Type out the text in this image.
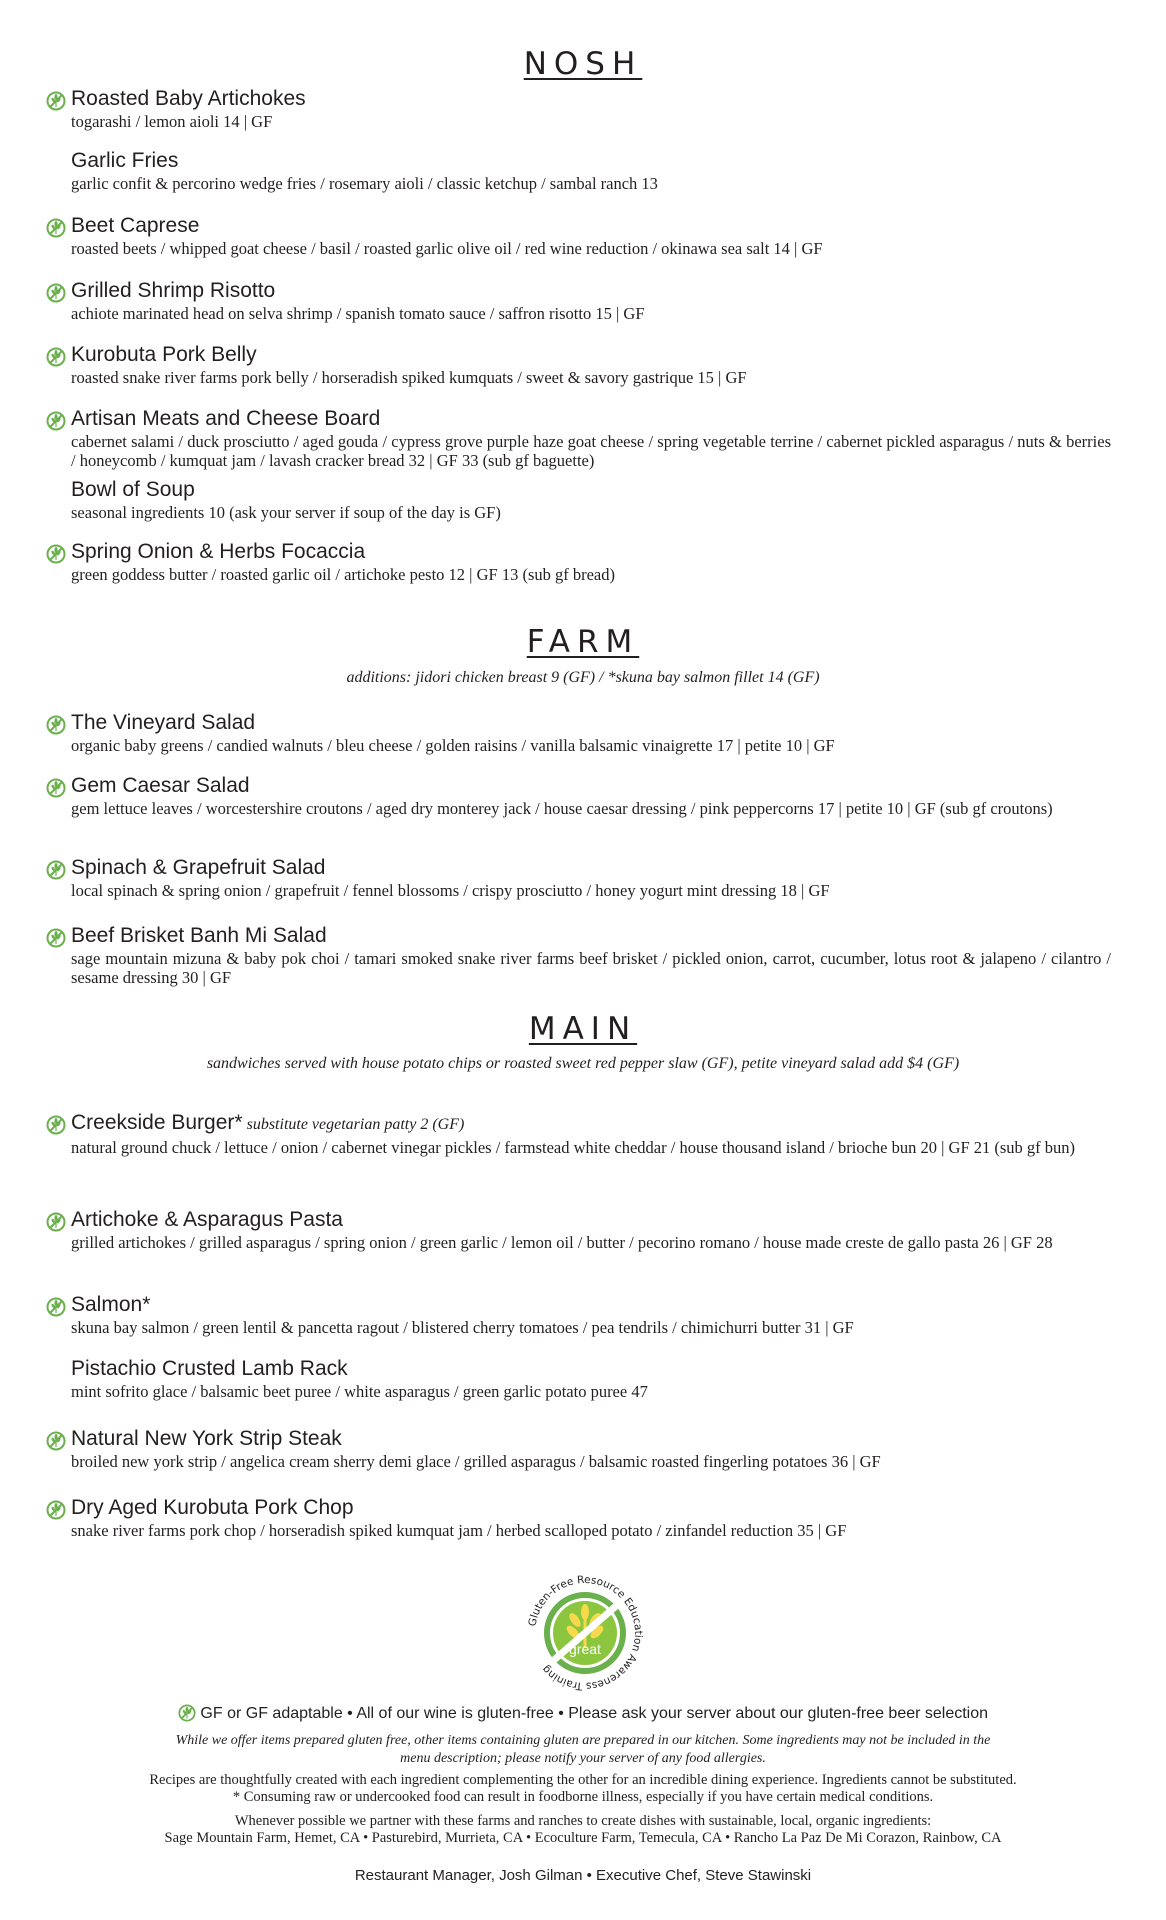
NOSH
Roasted Baby Artichokes
togarashi / lemon aioli 14 | GF
Garlic Fries
garlic confit & percorino wedge fries / rosemary aioli / classic ketchup / sambal ranch 13
Beet Caprese
roasted beets / whipped goat cheese / basil / roasted garlic olive oil / red wine reduction / okinawa sea salt 14 | GF
Grilled Shrimp Risotto
achiote marinated head on selva shrimp / spanish tomato sauce / saffron risotto 15 | GF
Kurobuta Pork Belly
roasted snake river farms pork belly / horseradish spiked kumquats / sweet & savory gastrique 15 | GF
Artisan Meats and Cheese Board
cabernet salami / duck prosciutto / aged gouda / cypress grove purple haze goat cheese / spring vegetable terrine / cabernet pickled asparagus / nuts & berries / honeycomb / kumquat jam / lavash cracker bread 32 | GF 33 (sub gf baguette)
Bowl of Soup
seasonal ingredients 10 (ask your server if soup of the day is GF)
Spring Onion & Herbs Focaccia
green goddess butter / roasted garlic oil / artichoke pesto 12 | GF 13 (sub gf bread)
FARM
additions: jidori chicken breast 9 (GF) / *skuna bay salmon fillet 14 (GF)
The Vineyard Salad
organic baby greens / candied walnuts / bleu cheese / golden raisins / vanilla balsamic vinaigrette 17 | petite 10 | GF
Gem Caesar Salad
gem lettuce leaves / worcestershire croutons / aged dry monterey jack / house caesar dressing / pink peppercorns 17 | petite 10 | GF (sub gf croutons)
Spinach & Grapefruit Salad
local spinach & spring onion / grapefruit / fennel blossoms / crispy prosciutto / honey yogurt mint dressing 18 | GF
Beef Brisket Banh Mi Salad
sage mountain mizuna & baby pok choi / tamari smoked snake river farms beef brisket / pickled onion, carrot, cucumber, lotus root & jalapeno / cilantro / sesame dressing 30 | GF
MAIN
sandwiches served with house potato chips or roasted sweet red pepper slaw (GF), petite vineyard salad add $4 (GF)
Creekside Burger* substitute vegetarian patty 2 (GF)
natural ground chuck / lettuce / onion / cabernet vinegar pickles / farmstead white cheddar / house thousand island / brioche bun 20 | GF 21 (sub gf bun)
Artichoke & Asparagus Pasta
grilled artichokes / grilled asparagus / spring onion / green garlic / lemon oil / butter / pecorino romano / house made creste de gallo pasta 26 | GF 28
Salmon*
skuna bay salmon / green lentil & pancetta ragout / blistered cherry tomatoes / pea tendrils / chimichurri butter 31 | GF
Pistachio Crusted Lamb Rack
mint sofrito glace / balsamic beet puree / white asparagus / green garlic potato puree 47
Natural New York Strip Steak
broiled new york strip / angelica cream sherry demi glace / grilled asparagus / balsamic roasted fingerling potatoes 36 | GF
Dry Aged Kurobuta Pork Chop
snake river farms pork chop / horseradish spiked kumquat jam / herbed scalloped potato / zinfandel reduction 35 | GF
Gluten-Free Resource Education Awareness Training
great
GF or GF adaptable • All of our wine is gluten-free • Please ask your server about our gluten-free beer selection
While we offer items prepared gluten free, other items containing gluten are prepared in our kitchen. Some ingredients may not be included in the
menu description; please notify your server of any food allergies.
Recipes are thoughtfully created with each ingredient complementing the other for an incredible dining experience. Ingredients cannot be substituted.
* Consuming raw or undercooked food can result in foodborne illness, especially if you have certain medical conditions.
Whenever possible we partner with these farms and ranches to create dishes with sustainable, local, organic ingredients:
Sage Mountain Farm, Hemet, CA • Pasturebird, Murrieta, CA • Ecoculture Farm, Temecula, CA • Rancho La Paz De Mi Corazon, Rainbow, CA
Restaurant Manager, Josh Gilman • Executive Chef, Steve Stawinski
